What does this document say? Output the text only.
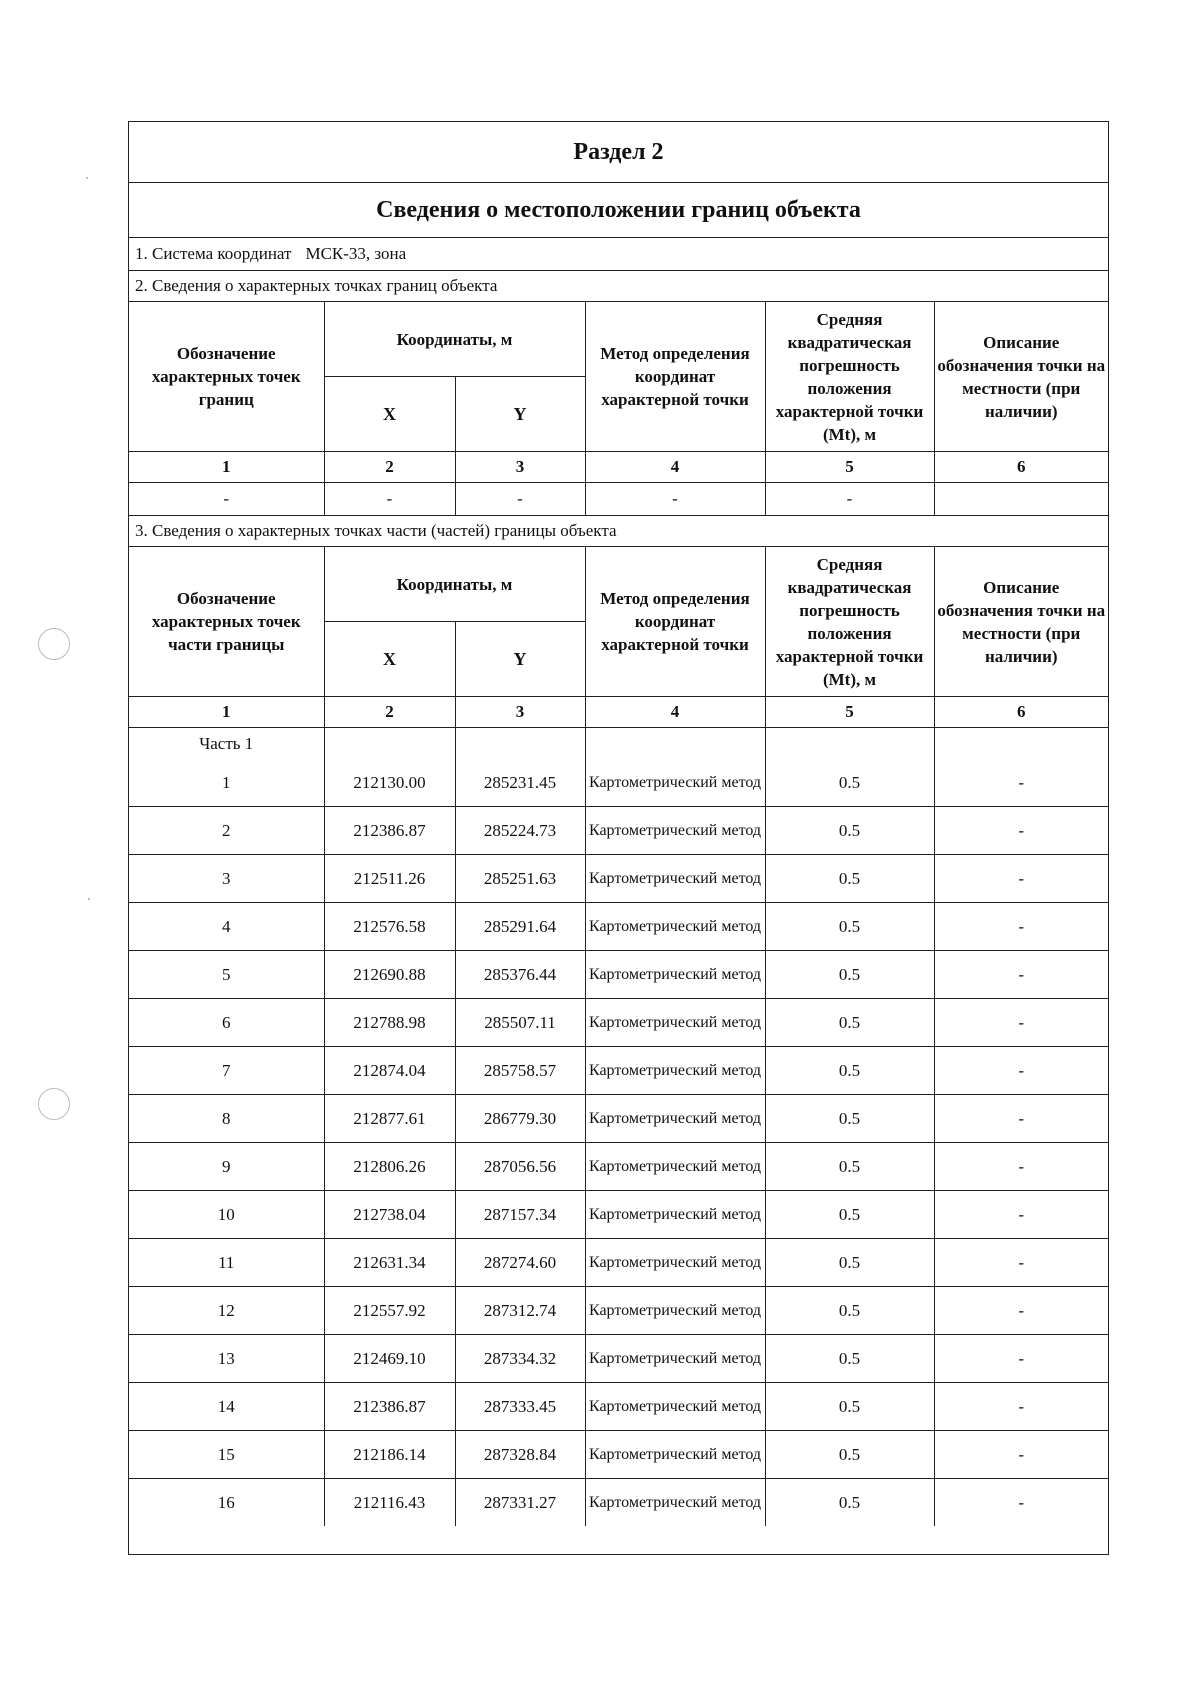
Раздел 2
Сведения о местоположении границ объекта
1. Система координат МСК-33, зона
2. Сведения о характерных точках границ объекта
Обозначение характерных точек границ	Координаты, м		Метод определения координат характерной точки	Средняя квадратическая погрешность положения характерной точки (Mt), м	Описание обозначения точки на местности (при наличии)
	X	Y			
1	2	3	4	5	6
-	-	-	-	-	
3. Сведения о характерных точках части (частей) границы объекта
Обозначение характерных точек части границы	Координаты, м		Метод определения координат характерной точки	Средняя квадратическая погрешность положения характерной точки (Mt), м	Описание обозначения точки на местности (при наличии)
	X	Y			
1	2	3	4	5	6
Часть 1					
1	212130.00	285231.45	Картометрический метод	0.5	-
2	212386.87	285224.73	Картометрический метод	0.5	-
3	212511.26	285251.63	Картометрический метод	0.5	-
4	212576.58	285291.64	Картометрический метод	0.5	-
5	212690.88	285376.44	Картометрический метод	0.5	-
6	212788.98	285507.11	Картометрический метод	0.5	-
7	212874.04	285758.57	Картометрический метод	0.5	-
8	212877.61	286779.30	Картометрический метод	0.5	-
9	212806.26	287056.56	Картометрический метод	0.5	-
10	212738.04	287157.34	Картометрический метод	0.5	-
11	212631.34	287274.60	Картометрический метод	0.5	-
12	212557.92	287312.74	Картометрический метод	0.5	-
13	212469.10	287334.32	Картометрический метод	0.5	-
14	212386.87	287333.45	Картометрический метод	0.5	-
15	212186.14	287328.84	Картометрический метод	0.5	-
16	212116.43	287331.27	Картометрический метод	0.5	-
